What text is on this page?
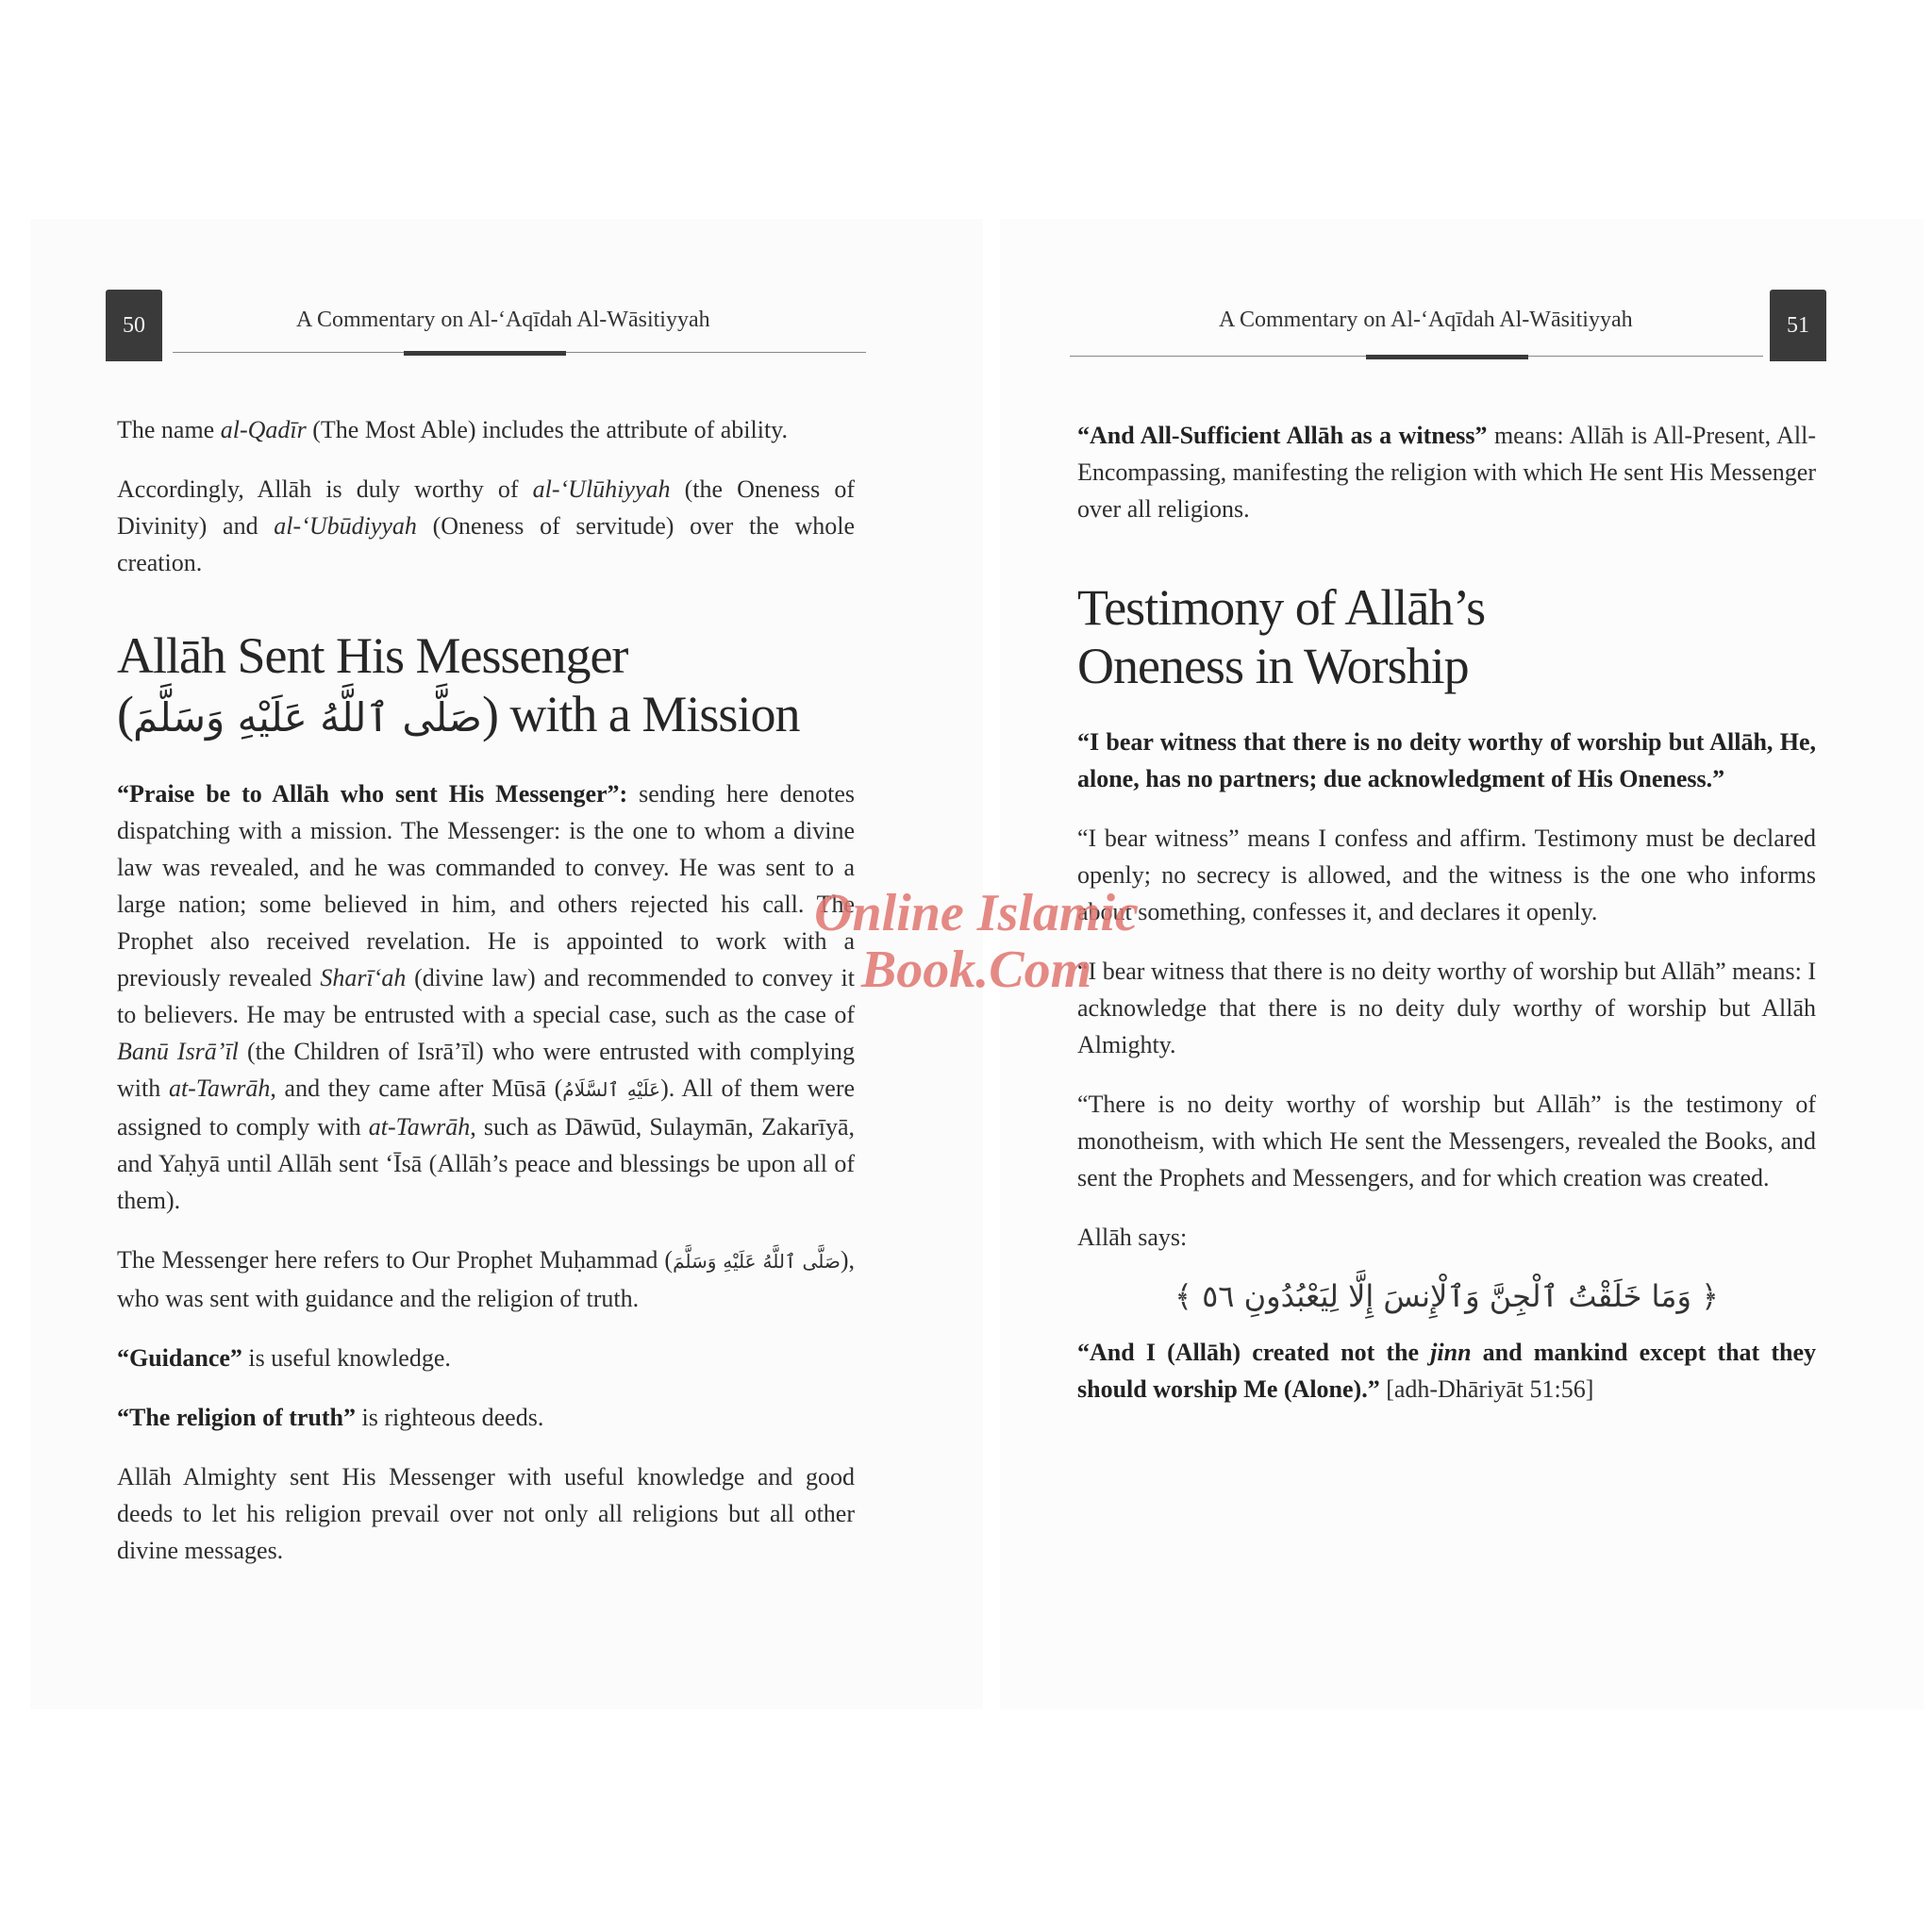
50	A Commentary on Al-‘Aqīdah Al-Wāsitiyyah	51
A Commentary on Al-‘Aqīdah Al-Wāsitiyyah

The name al-Qadīr (The Most Able) includes the attribute of ability.

Accordingly, Allāh is duly worthy of al-‘Ulūhiyyah (the Oneness of Divinity) and al-‘Ubūdiyyah (Oneness of servitude) over the whole creation.

Allāh Sent His Messenger
(صَلَّى ٱللَّهُ عَلَيْهِ وَسَلَّمَ) with a Mission

“Praise be to Allāh who sent His Messenger”: sending here denotes dispatching with a mission. The Messenger: is the one to whom a divine law was revealed, and he was commanded to convey. He was sent to a large nation; some believed in him, and others rejected his call. The Prophet also received revelation. He is appointed to work with a previously revealed Sharī‘ah (divine law) and recommended to convey it to believers. He may be entrusted with a special case, such as the case of Banū Isrā’īl (the Children of Isrā’īl) who were entrusted with complying with at-Tawrāh, and they came after Mūsā (عَلَيْهِ ٱلسَّلَامُ). All of them were assigned to comply with at-Tawrāh, such as Dāwūd, Sulaymān, Zakarīyā, and Yaḥyā until Allāh sent ‘Īsā (Allāh’s peace and blessings be upon all of them).

The Messenger here refers to Our Prophet Muḥammad (صَلَّى ٱللَّهُ عَلَيْهِ وَسَلَّمَ), who was sent with guidance and the religion of truth.

“Guidance” is useful knowledge.

“The religion of truth” is righteous deeds.

Allāh Almighty sent His Messenger with useful knowledge and good deeds to let his religion prevail over not only all religions but all other divine messages.

“And All-Sufficient Allāh as a witness” means: Allāh is All-Present, All-Encompassing, manifesting the religion with which He sent His Messenger over all religions.

Testimony of Allāh’s
Oneness in Worship

“I bear witness that there is no deity worthy of worship but Allāh, He, alone, has no partners; due acknowledgment of His Oneness.”

“I bear witness” means I confess and affirm. Testimony must be declared openly; no secrecy is allowed, and the witness is the one who informs about something, confesses it, and declares it openly.

“I bear witness that there is no deity worthy of worship but Allāh” means: I acknowledge that there is no deity duly worthy of worship but Allāh Almighty.

“There is no deity worthy of worship but Allāh” is the testimony of monotheism, with which He sent the Messengers, revealed the Books, and sent the Prophets and Messengers, and for which creation was created.

Allāh says:

﴿ وَمَا خَلَقْتُ ٱلْجِنَّ وَٱلْإِنسَ إِلَّا لِيَعْبُدُونِ ٥٦ ﴾

“And I (Allāh) created not the jinn and mankind except that they should worship Me (Alone).” [adh-Dhāriyāt 51:56]

Online Islamic
Book.Com
